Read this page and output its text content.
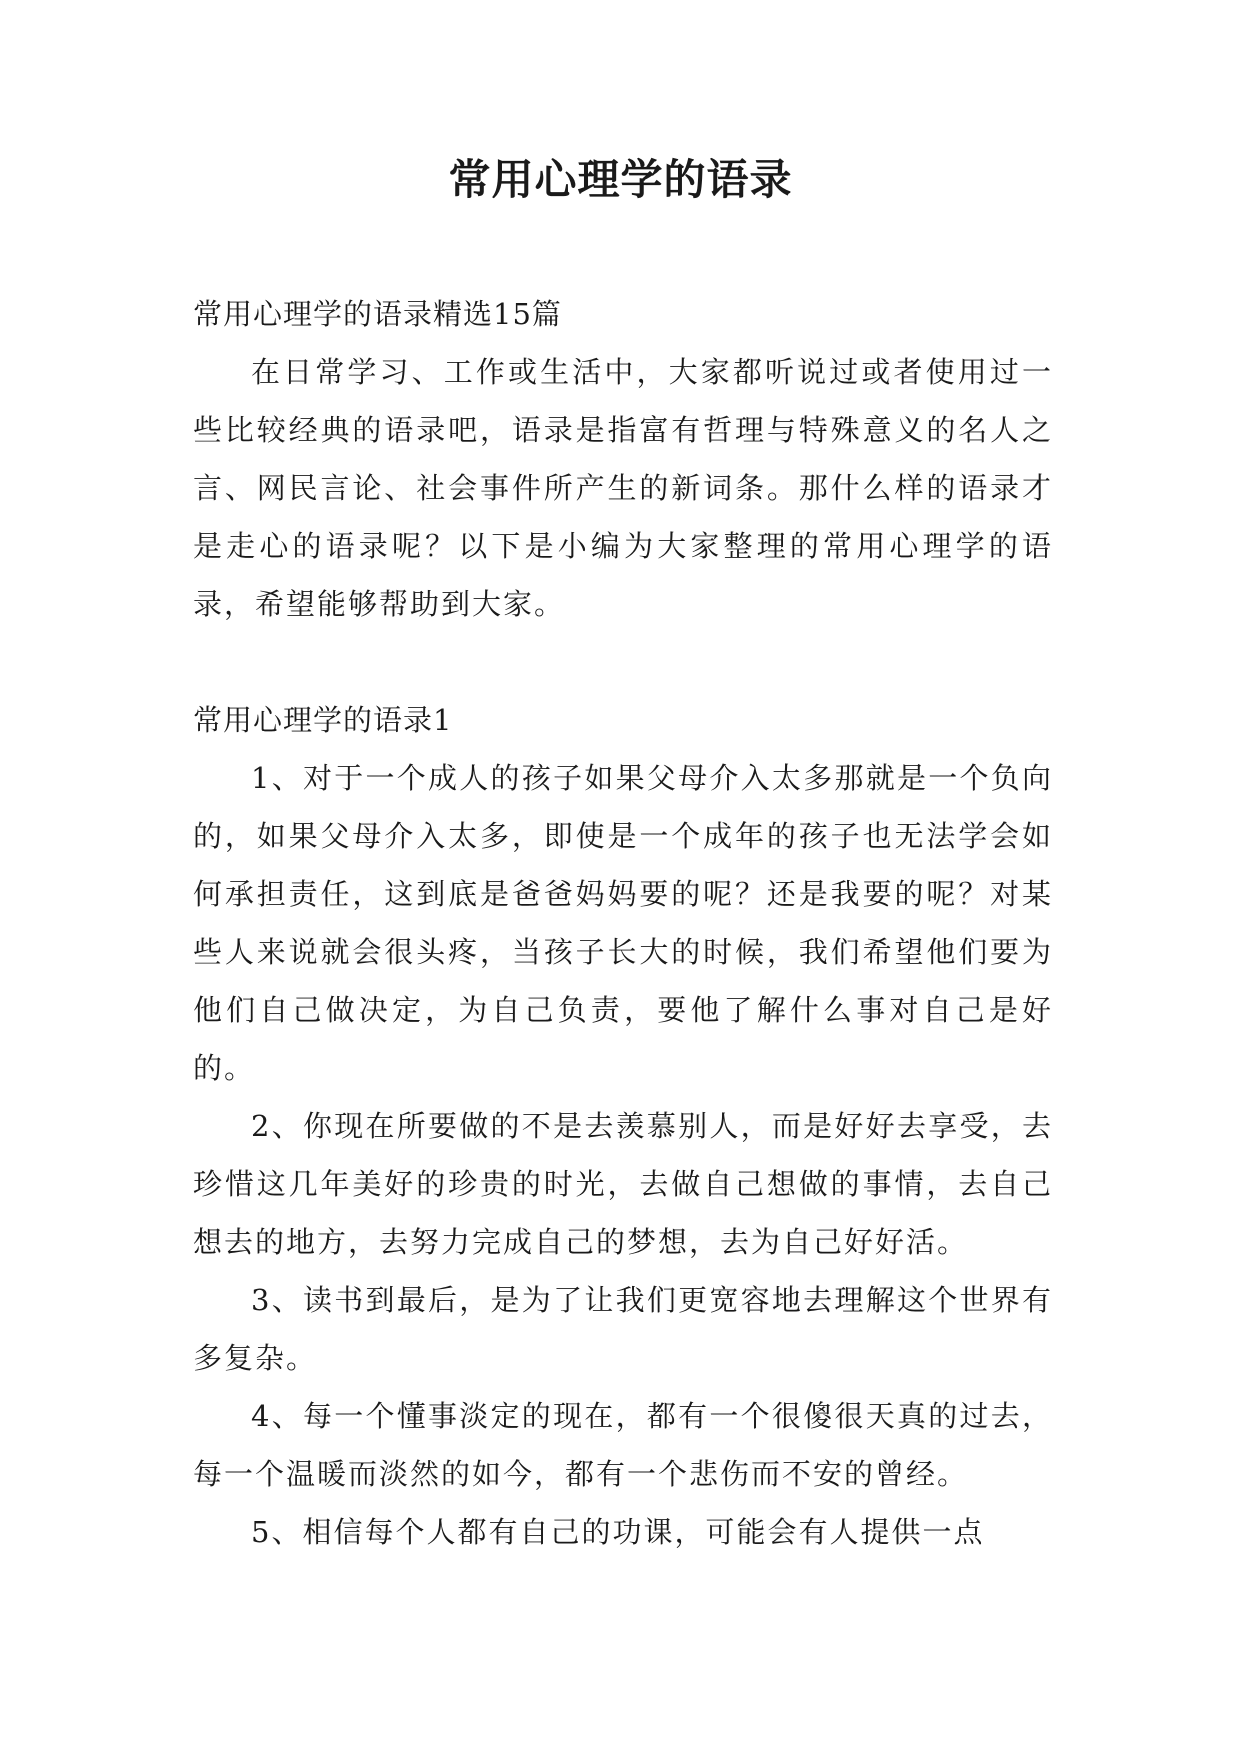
常用心理学的语录

常用心理学的语录精选15篇

在日常学习、工作或生活中，大家都听说过或者使用过一些比较经典的语录吧，语录是指富有哲理与特殊意义的名人之言、网民言论、社会事件所产生的新词条。那什么样的语录才是走心的语录呢？以下是小编为大家整理的常用心理学的语录，希望能够帮助到大家。

常用心理学的语录1

1、对于一个成人的孩子如果父母介入太多那就是一个负向的，如果父母介入太多，即使是一个成年的孩子也无法学会如何承担责任，这到底是爸爸妈妈要的呢？还是我要的呢？对某些人来说就会很头疼，当孩子长大的时候，我们希望他们要为他们自己做决定，为自己负责，要他了解什么事对自己是好的。

2、你现在所要做的不是去羡慕别人，而是好好去享受，去珍惜这几年美好的珍贵的时光，去做自己想做的事情，去自己想去的地方，去努力完成自己的梦想，去为自己好好活。

3、读书到最后，是为了让我们更宽容地去理解这个世界有多复杂。

4、每一个懂事淡定的现在，都有一个很傻很天真的过去，每一个温暖而淡然的如今，都有一个悲伤而不安的曾经。

5、相信每个人都有自己的功课，可能会有人提供一点
